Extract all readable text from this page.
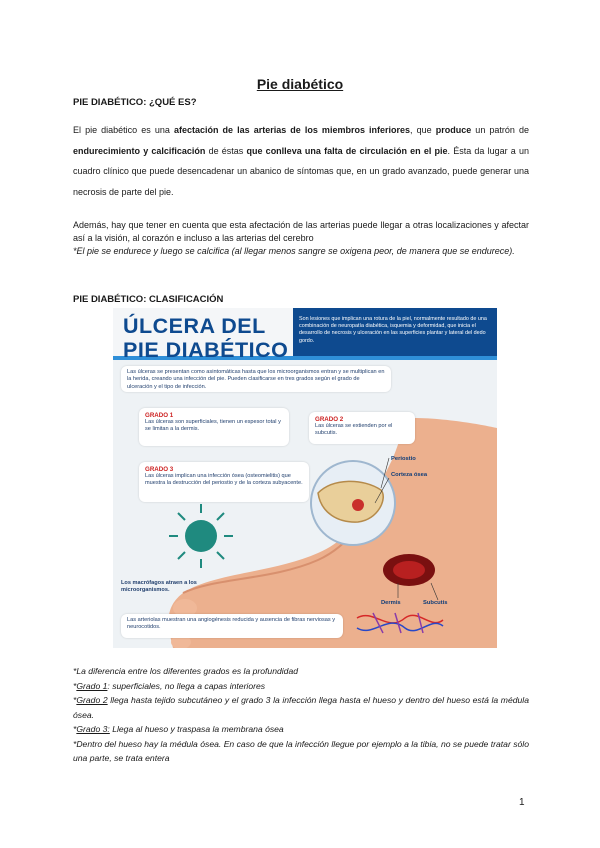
Pie diabético
PIE DIABÉTICO: ¿QUÉ ES?
El pie diabético es una afectación de las arterias de los miembros inferiores, que produce un patrón de endurecimiento y calcificación de éstas que conlleva una falta de circulación en el pie. Ésta da lugar a un cuadro clínico que puede desencadenar un abanico de síntomas que, en un grado avanzado, puede generar una necrosis de parte del pie.
Además, hay que tener en cuenta que esta afectación de las arterias puede llegar a otras localizaciones y afectar así a la visión, al corazón e incluso a las arterias del cerebro
*El pie se endurece y luego se calcifica (al llegar menos sangre se oxigena peor, de manera que se endurece).
PIE DIABÉTICO: CLASIFICACIÓN
ÚLCERA DEL
PIE DIABÉTICO
Son lesiones que implican una rotura de la piel, normalmente resultado de una combinación de neuropatía diabética, isquemia y deformidad, que inicia el desarrollo de necrosis y ulceración en las superficies plantar y lateral del dedo gordo.
Las úlceras se presentan como asintomáticas hasta que los microorganismos entran y se multiplican en la herida, creando una infección del pie. Pueden clasificarse en tres grados según el grado de ulceración y el tipo de infección.
GRADO 1
Las úlceras son superficiales, tienen un espesor total y se limitan a la dermis.
GRADO 2
Las úlceras se extienden por el subcutis.
GRADO 3
Las úlceras implican una infección ósea (osteomielitis) que muestra la destrucción del periostio y de la corteza subyacente.
Periostio
Corteza ósea
Los macrófagos atraen a los microorganismos.
Dermis	Subcutis
Las arteriolas muestran una angiogénesis reducida y ausencia de fibras nerviosas y neurocotidos.

*La diferencia entre los diferentes grados es la profundidad

*Grado 1: superficiales, no llega a capas interiores

*Grado 2 llega hasta tejido subcutáneo y el grado 3 la infección llega hasta el hueso y dentro del hueso está la médula ósea.

*Grado 3: Llega al hueso y traspasa la membrana ósea

*Dentro del hueso hay la médula ósea. En caso de que la infección llegue por ejemplo a la tibia, no se puede tratar sólo una parte, se trata entera

1
